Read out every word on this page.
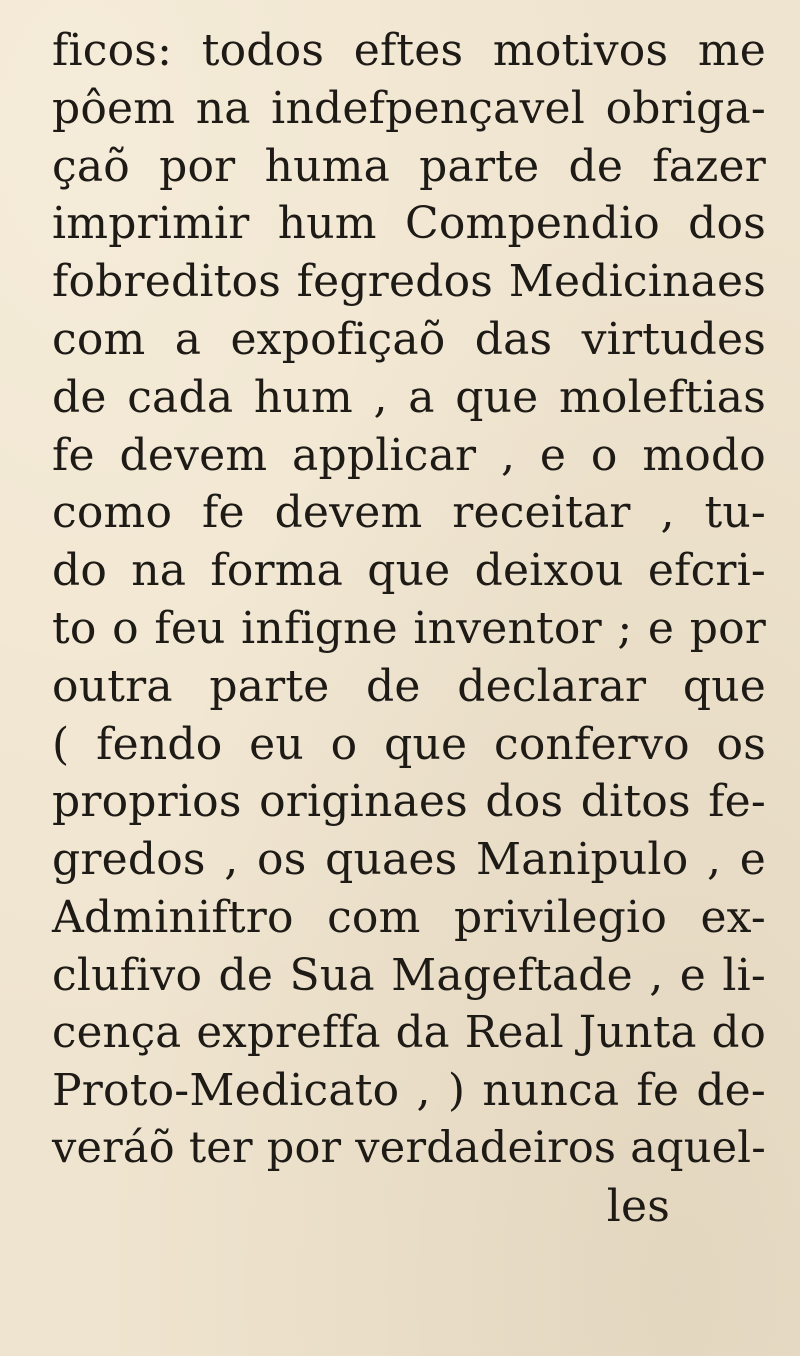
ficos: todos eftes motivos me
pôem na indefpençavel obriga-
çaõ por huma parte de fazer
imprimir hum Compendio dos
fobreditos fegredos Medicinaes
com a expofiçaõ das virtudes
de cada hum , a que moleftias
fe devem applicar , e o modo
como fe devem receitar , tu-
do na forma que deixou efcri-
to o feu infigne inventor ; e por
outra parte de declarar que
( fendo eu o que confervo os
proprios originaes dos ditos fe-
gredos , os quaes Manipulo , e
Adminiftro com privilegio ex-
clufivo de Sua Mageftade , e li-
cença expreffa da Real Junta do
Proto-Medicato , ) nunca fe de-
veráõ ter por verdadeiros aquel-
les
